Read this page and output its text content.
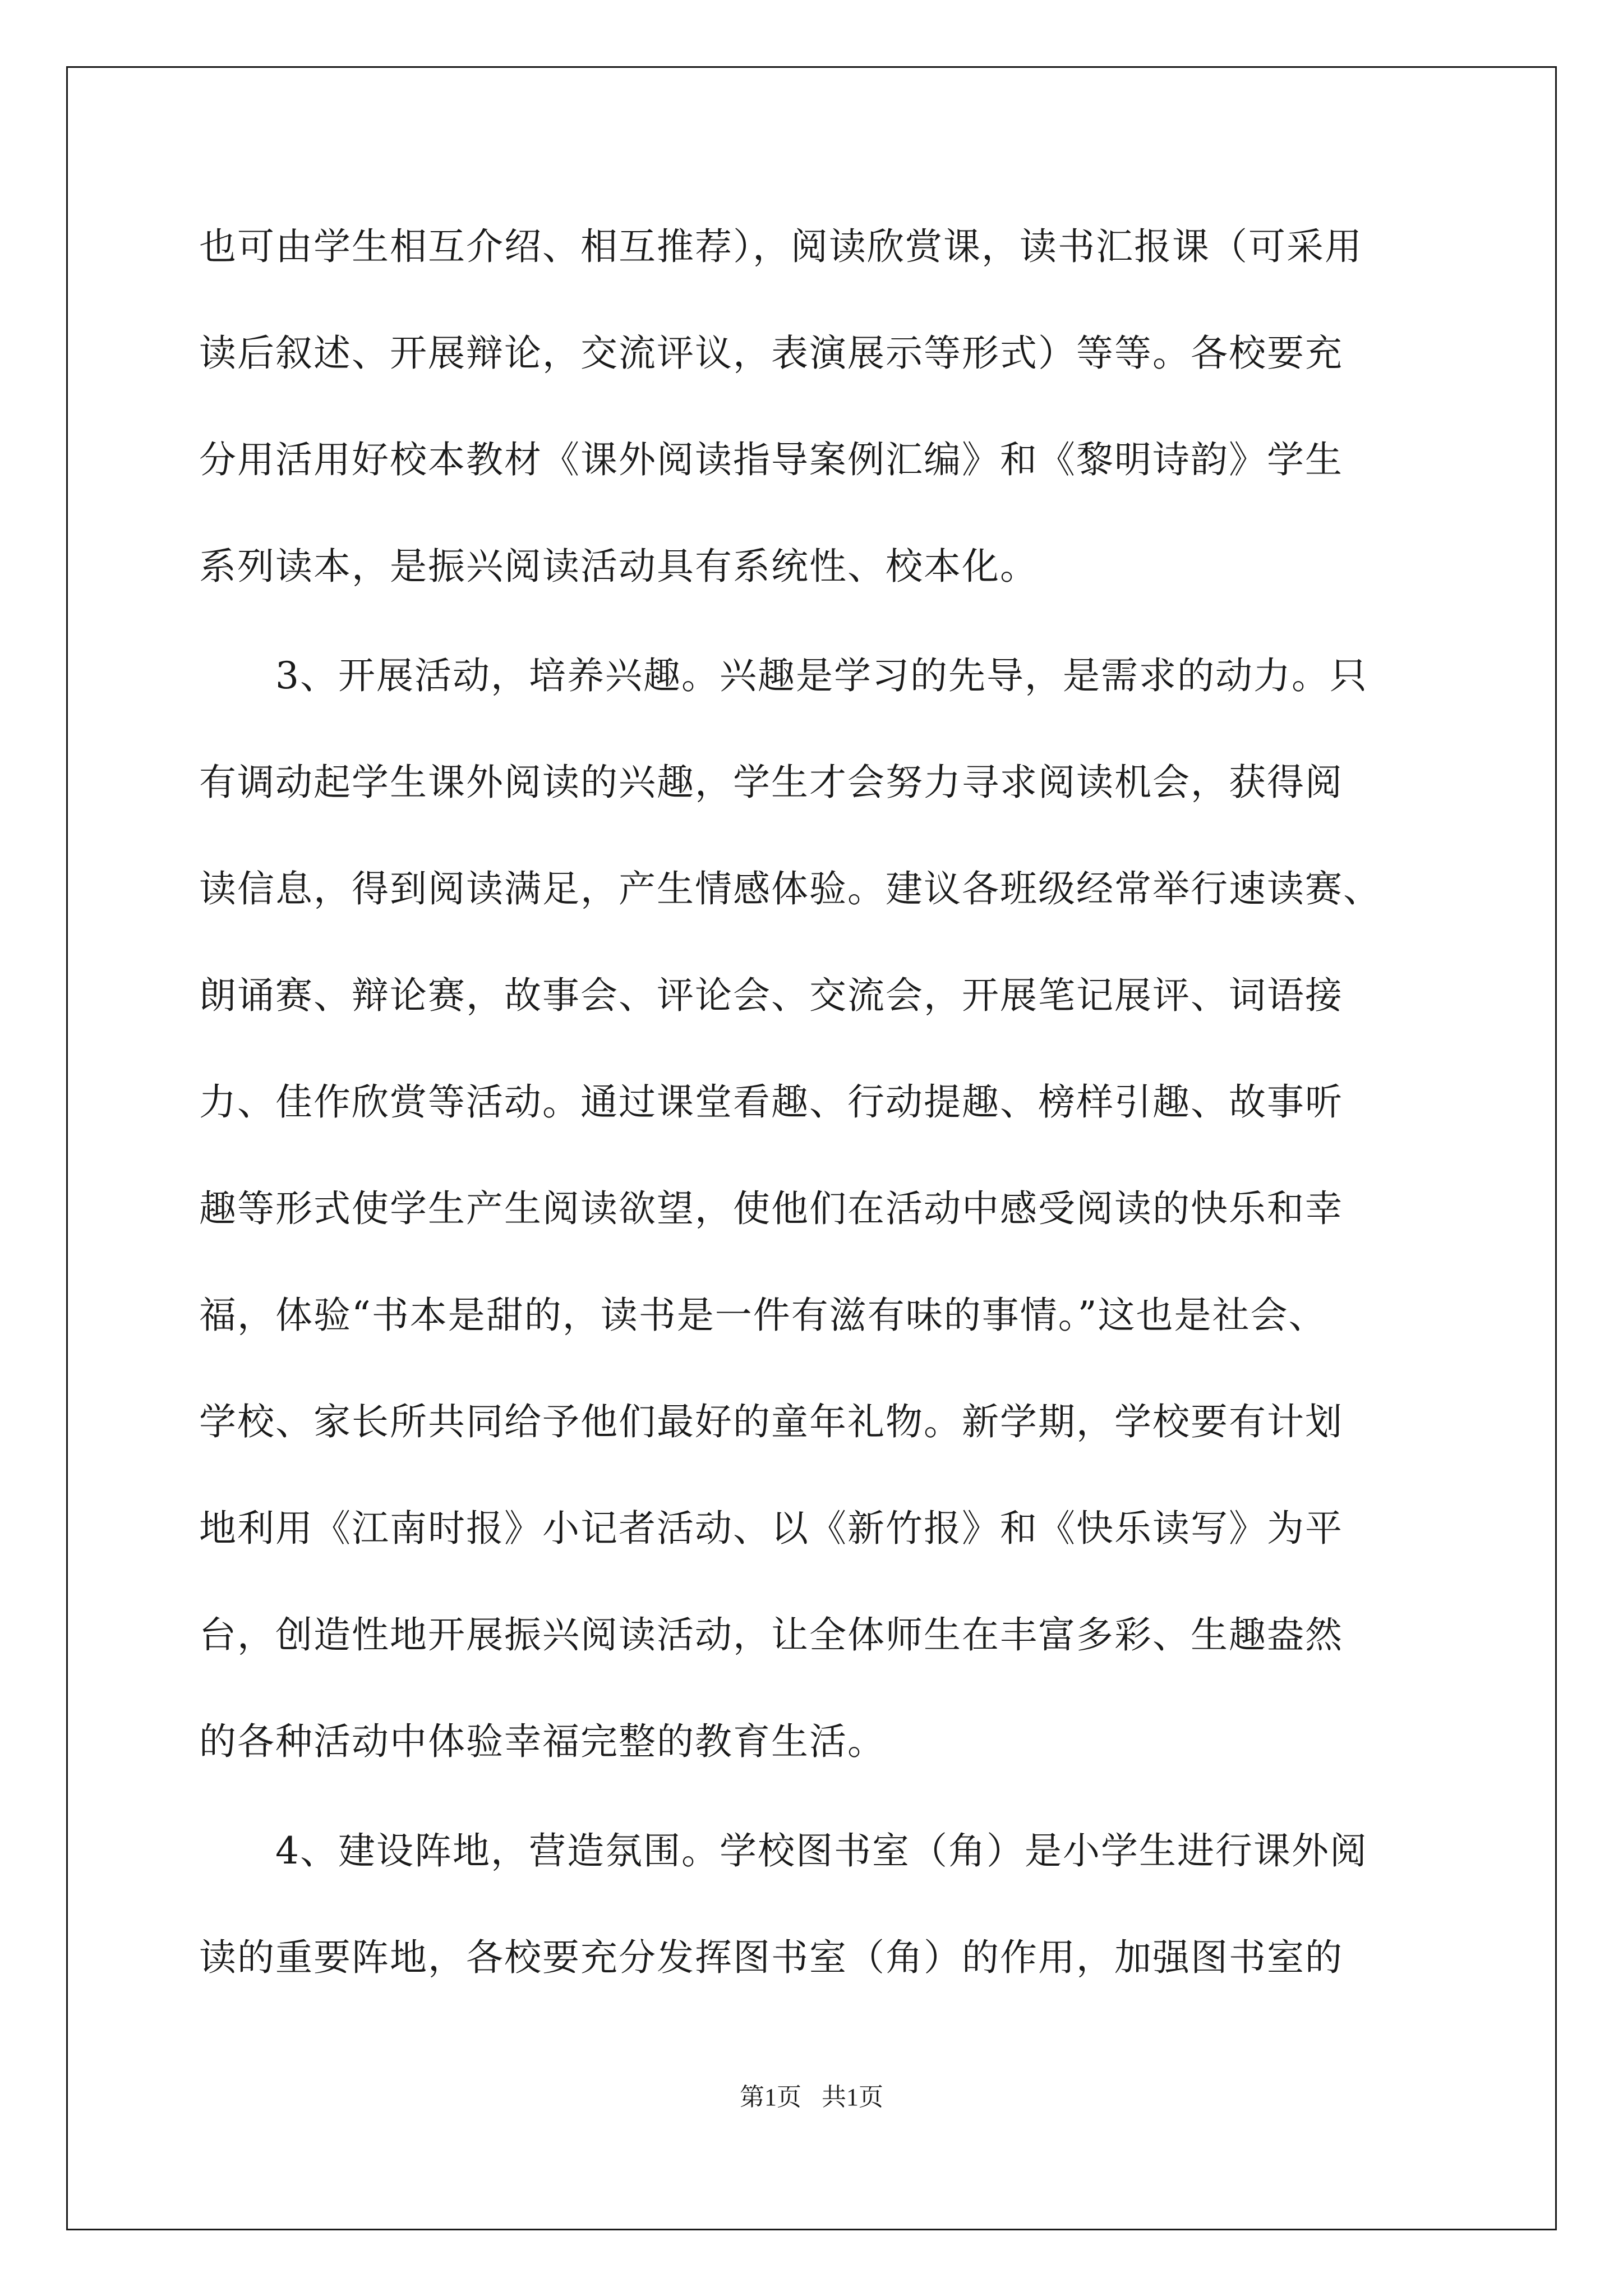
也可由学生相互介绍、相互推荐），阅读欣赏课，读书汇报课（可采用

读后叙述、开展辩论，交流评议，表演展示等形式）等等。各校要充

分用活用好校本教材《课外阅读指导案例汇编》和《黎明诗韵》学生

系列读本，是振兴阅读活动具有系统性、校本化。

3、开展活动，培养兴趣。兴趣是学习的先导，是需求的动力。只

有调动起学生课外阅读的兴趣，学生才会努力寻求阅读机会，获得阅

读信息，得到阅读满足，产生情感体验。建议各班级经常举行速读赛、

朗诵赛、辩论赛，故事会、评论会、交流会，开展笔记展评、词语接

力、佳作欣赏等活动。通过课堂看趣、行动提趣、榜样引趣、故事听

趣等形式使学生产生阅读欲望，使他们在活动中感受阅读的快乐和幸

福，体验“书本是甜的，读书是一件有滋有味的事情。”这也是社会、

学校、家长所共同给予他们最好的童年礼物。新学期，学校要有计划

地利用《江南时报》小记者活动、以《新竹报》和《快乐读写》为平

台，创造性地开展振兴阅读活动，让全体师生在丰富多彩、生趣盎然

的各种活动中体验幸福完整的教育生活。

4、建设阵地，营造氛围。学校图书室（角）是小学生进行课外阅

读的重要阵地，各校要充分发挥图书室（角）的作用，加强图书室的

第1页 共1页
